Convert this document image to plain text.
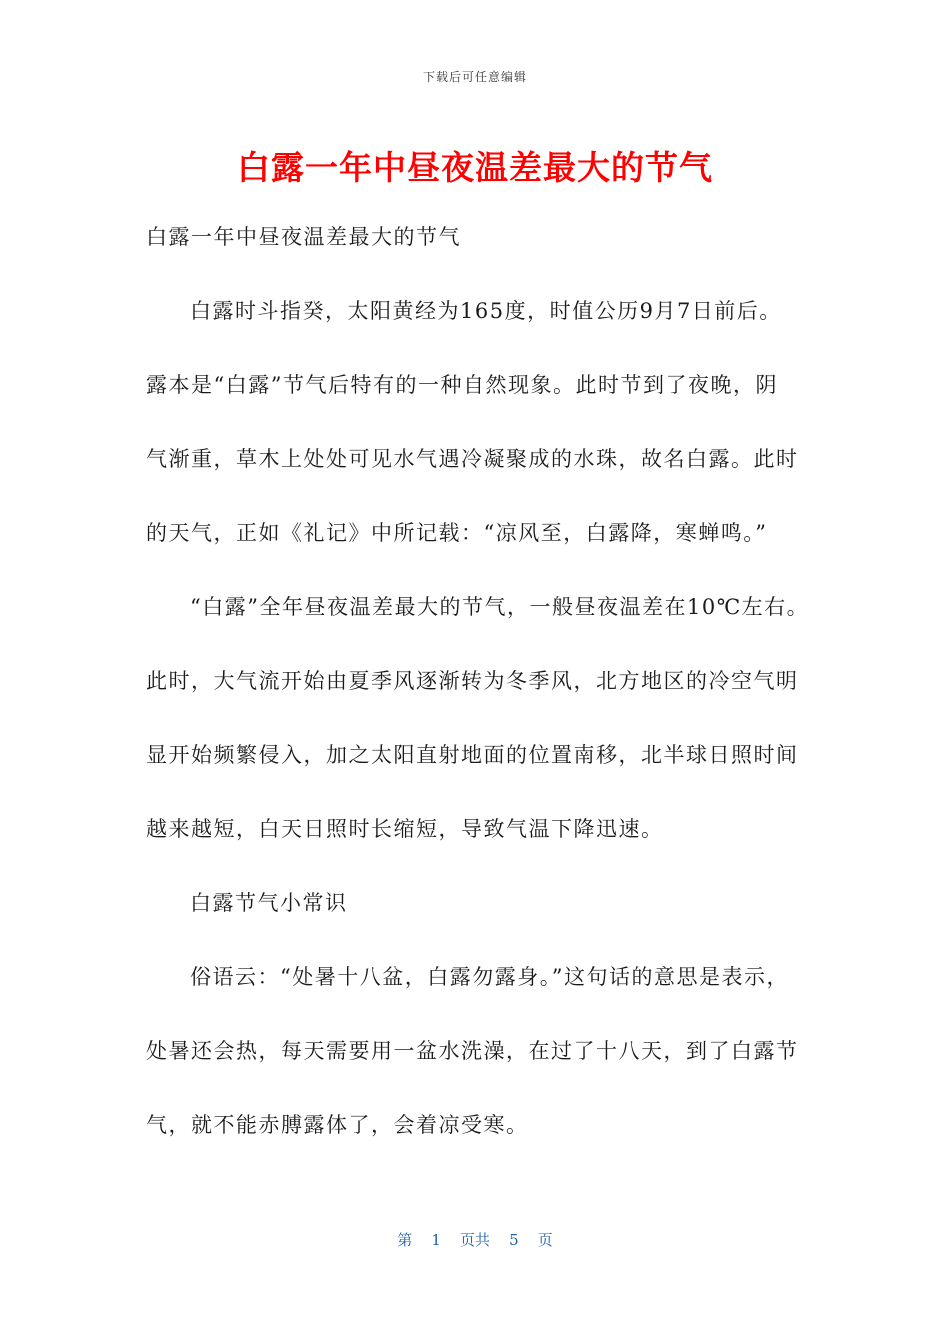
下载后可任意编辑
白露一年中昼夜温差最大的节气
白露一年中昼夜温差最大的节气
白露时斗指癸，太阳黄经为165度，时值公历9月7日前后。
露本是“白露”节气后特有的一种自然现象。此时节到了夜晚，阴
气渐重，草木上处处可见水气遇冷凝聚成的水珠，故名白露。此时
的天气，正如《礼记》中所记载：“凉风至，白露降，寒蝉鸣。”
“白露”全年昼夜温差最大的节气，一般昼夜温差在10℃左右。
此时，大气流开始由夏季风逐渐转为冬季风，北方地区的冷空气明
显开始频繁侵入，加之太阳直射地面的位置南移，北半球日照时间
越来越短，白天日照时长缩短，导致气温下降迅速。
白露节气小常识
俗语云：“处暑十八盆，白露勿露身。”这句话的意思是表示，
处暑还会热，每天需要用一盆水洗澡，在过了十八天，到了白露节
气，就不能赤膊露体了，会着凉受寒。
第 1 页共 5 页
